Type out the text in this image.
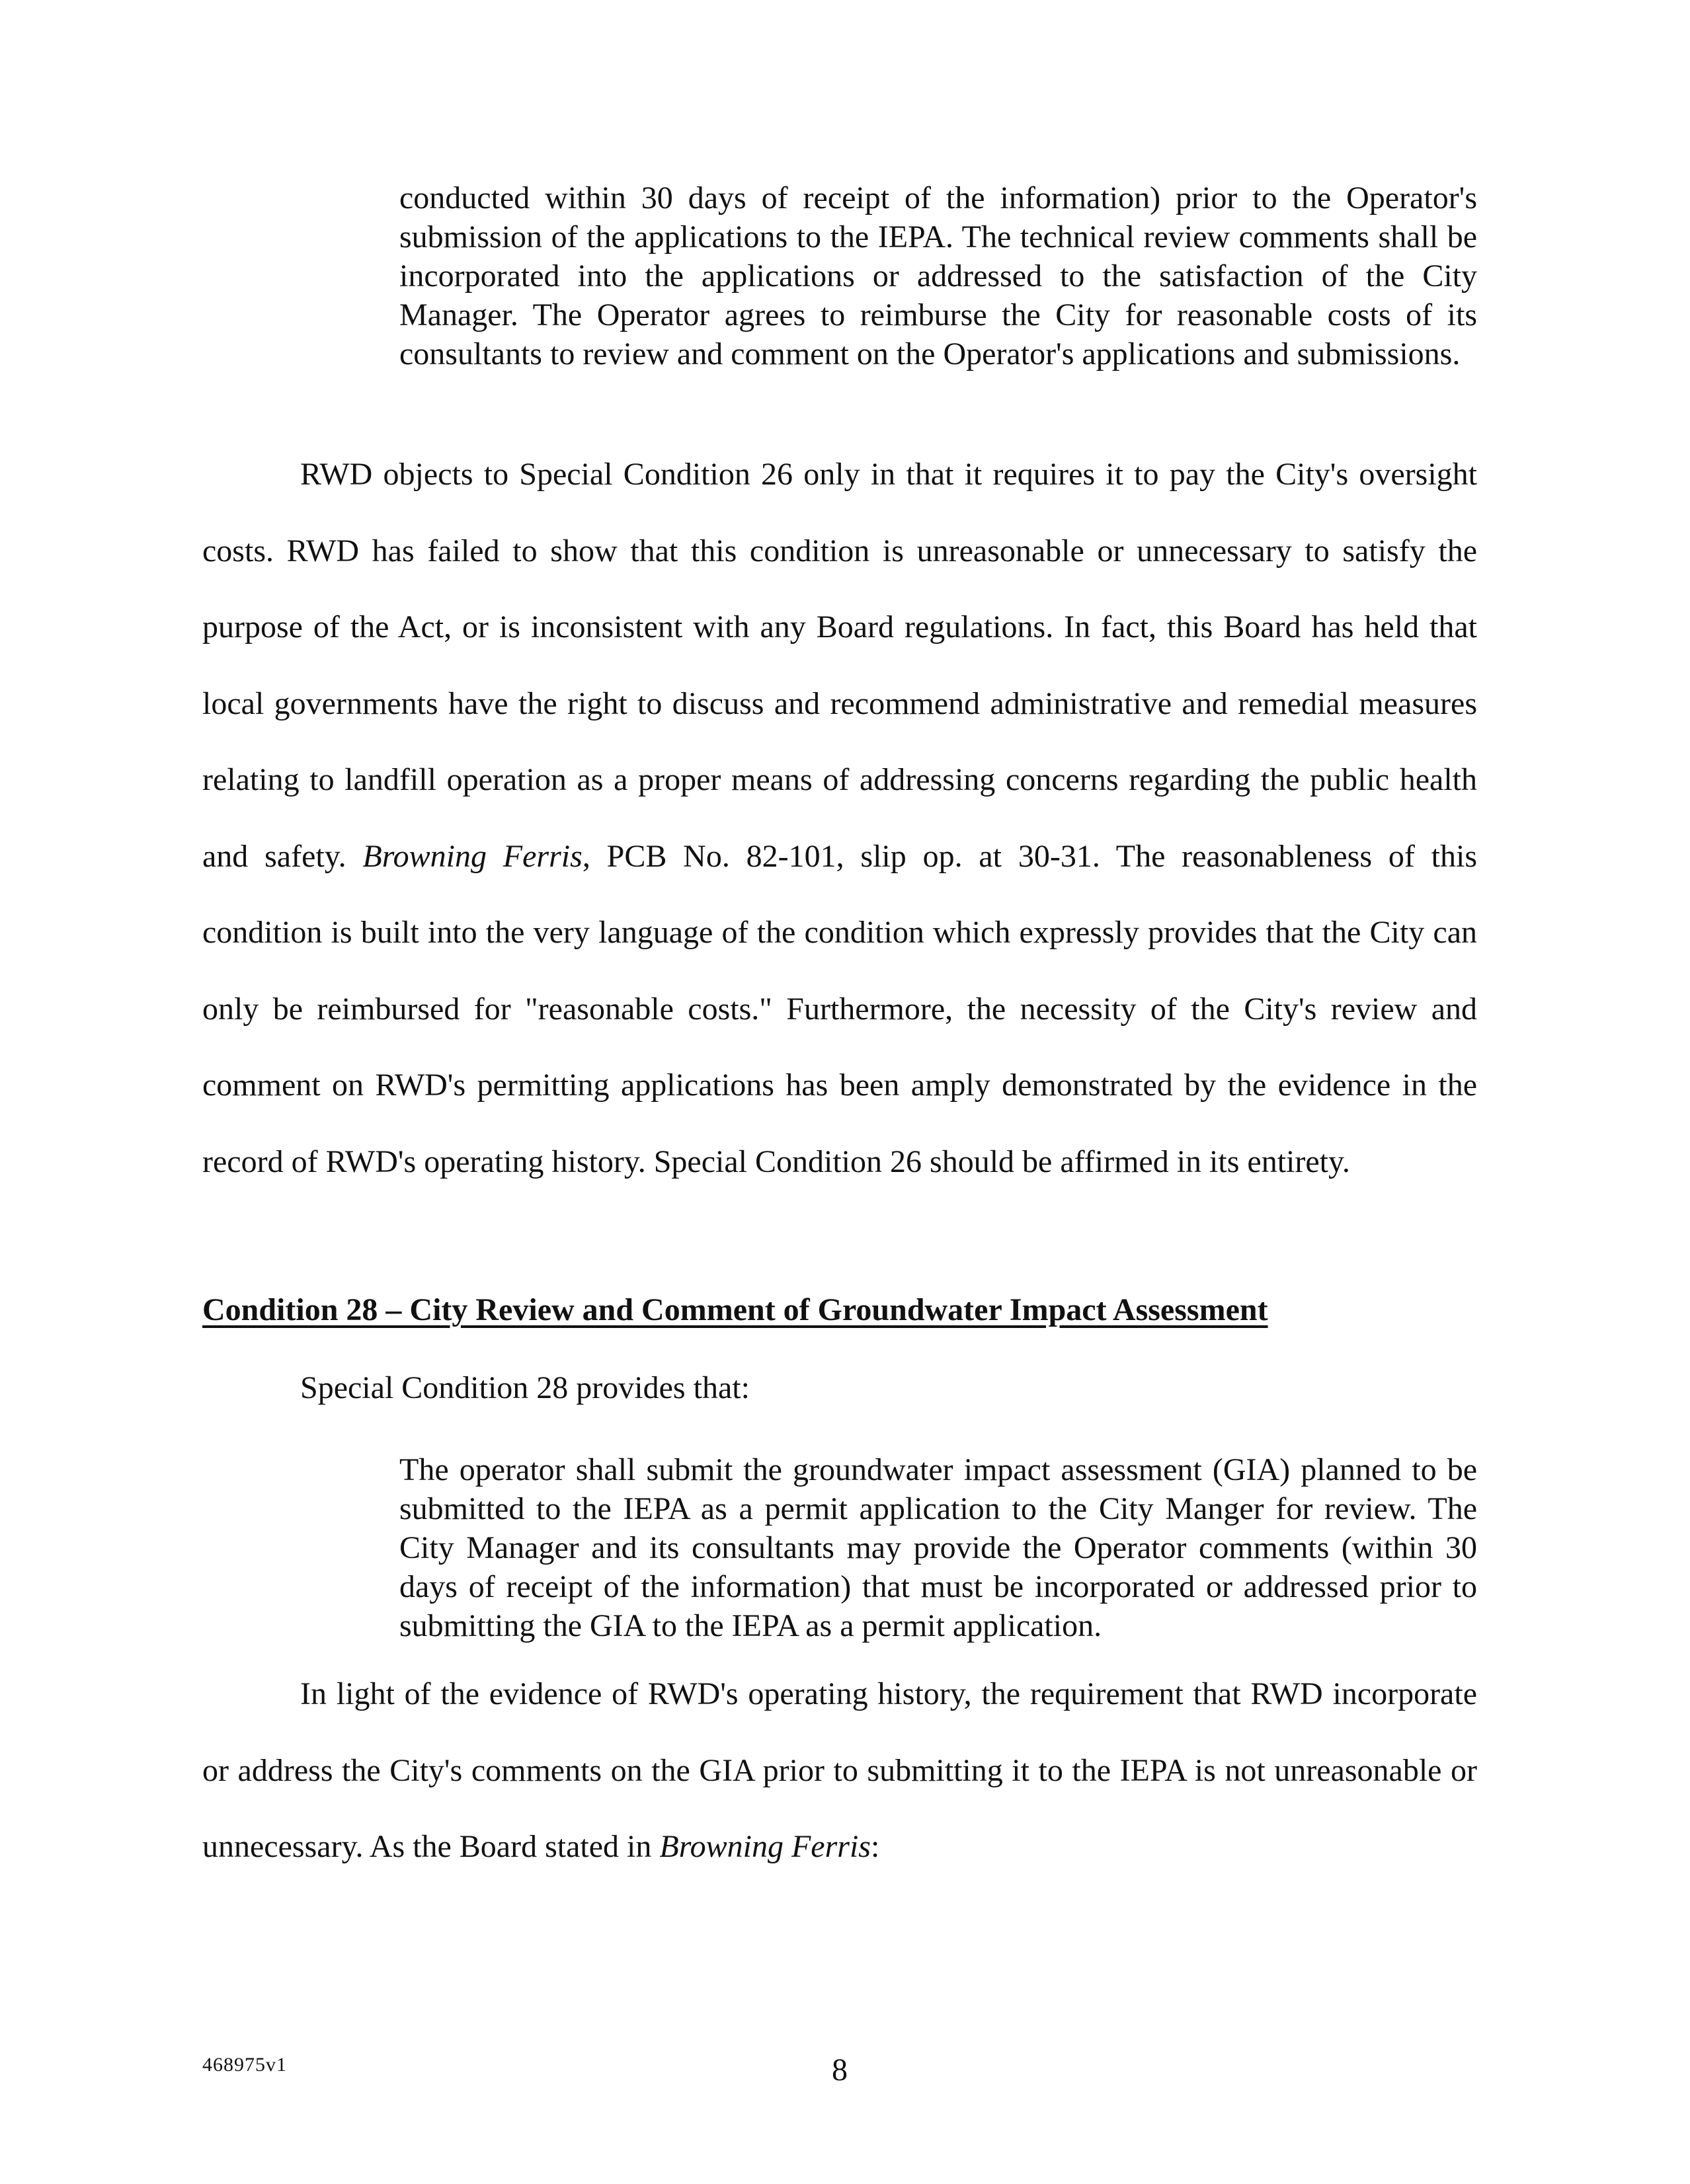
conducted within 30 days of receipt of the information) prior to the Operator's submission of the applications to the IEPA. The technical review comments shall be incorporated into the applications or addressed to the satisfaction of the City Manager. The Operator agrees to reimburse the City for reasonable costs of its consultants to review and comment on the Operator's applications and submissions.

RWD objects to Special Condition 26 only in that it requires it to pay the City's oversight costs. RWD has failed to show that this condition is unreasonable or unnecessary to satisfy the purpose of the Act, or is inconsistent with any Board regulations. In fact, this Board has held that local governments have the right to discuss and recommend administrative and remedial measures relating to landfill operation as a proper means of addressing concerns regarding the public health and safety. Browning Ferris, PCB No. 82-101, slip op. at 30-31. The reasonableness of this condition is built into the very language of the condition which expressly provides that the City can only be reimbursed for "reasonable costs." Furthermore, the necessity of the City's review and comment on RWD's permitting applications has been amply demonstrated by the evidence in the record of RWD's operating history. Special Condition 26 should be affirmed in its entirety.

Condition 28 – City Review and Comment of Groundwater Impact Assessment
Special Condition 28 provides that:

The operator shall submit the groundwater impact assessment (GIA) planned to be submitted to the IEPA as a permit application to the City Manger for review. The City Manager and its consultants may provide the Operator comments (within 30 days of receipt of the information) that must be incorporated or addressed prior to submitting the GIA to the IEPA as a permit application.

In light of the evidence of RWD's operating history, the requirement that RWD incorporate or address the City's comments on the GIA prior to submitting it to the IEPA is not unreasonable or unnecessary. As the Board stated in Browning Ferris:

468975v1	8
